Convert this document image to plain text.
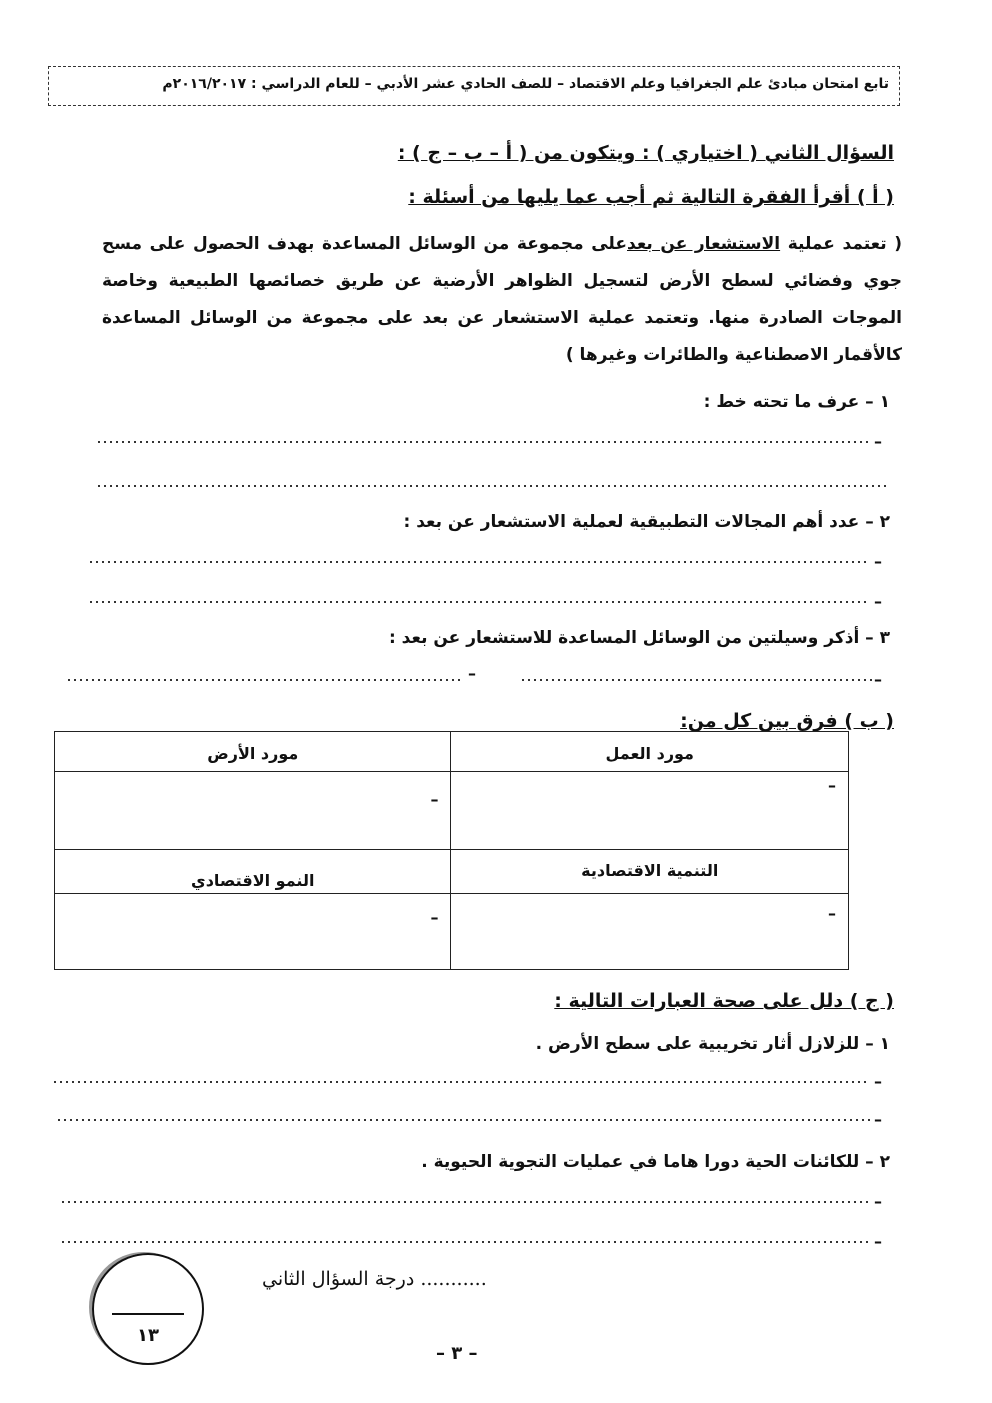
تابع امتحان مبادئ علم الجغرافيا وعلم الاقتصاد – للصف الحادي عشر الأدبي – للعام الدراسي : ٢٠١٦/٢٠١٧م
السؤال الثاني ( اختياري ) : ويتكون من ( أ – ب – ج ) :
( أ ) أقرأ الفقرة التالية ثم أجب عما يليها من أسئلة :
( تعتمد عملية الاستشعار عن بعدعلى مجموعة من الوسائل المساعدة بهدف الحصول على مسح جوي وفضائي لسطح الأرض لتسجيل الظواهر الأرضية عن طريق خصائصها الطبيعية وخاصة الموجات الصادرة منها. وتعتمد عملية الاستشعار عن بعد على مجموعة من الوسائل المساعدة كالأقمار الاصطناعية والطائرات وغيرها )
١ – عرف ما تحته خط :
–
٢ – عدد أهم المجالات التطبيقية لعملية الاستشعار عن بعد :
–
–
٣ – أذكر وسيلتين من الوسائل المساعدة للاستشعار عن بعد :
–
–
( ب ) فرق بين كل من:
مورد الأرض	مورد العمل

–	–

النمو الاقتصادي	التنمية الاقتصادية

–	–
( ج ) دلل على صحة العبارات التالية :
١ – للزلازل أثار تخريبية على سطح الأرض .
–
–
٢ – للكائنات الحية دورا هاما في عمليات التجوية الحيوية .
–
–
١٣
........... درجة السؤال الثاني
– ٣ –
